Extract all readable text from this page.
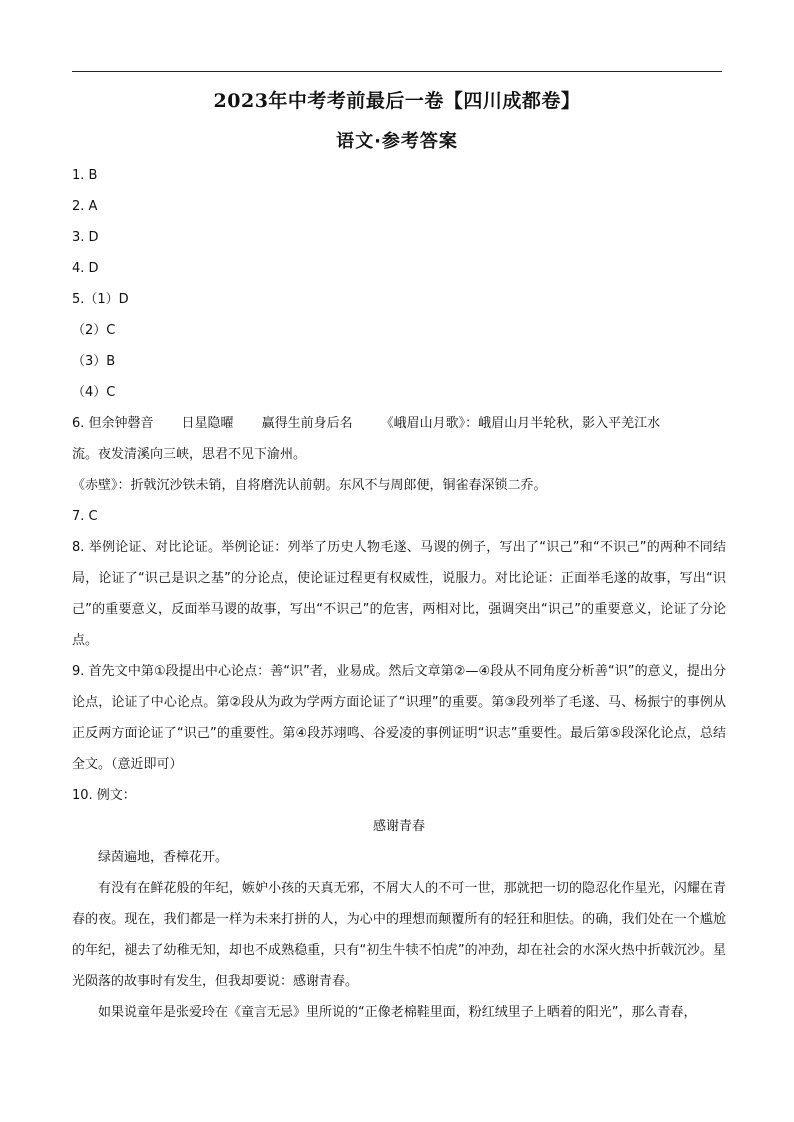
2023年中考考前最后一卷【四川成都卷】
语文·参考答案
1. B
2. A
3. D
4. D
5.（1）D
（2）C
（3）B
（4）C
6. 但余钟磬音 日星隐曜 赢得生前身后名 《峨眉山月歌》：峨眉山月半轮秋，影入平羌江水
流。夜发清溪向三峡，思君不见下渝州。
《赤壁》：折戟沉沙铁未销，自将磨洗认前朝。东风不与周郎便，铜雀春深锁二乔。
7. C
8. 举例论证、对比论证。举例论证：列举了历史人物毛遂、马谡的例子，写出了“识己”和“不识己”的两种不同结局，论证了“识己是识之基”的分论点，使论证过程更有权威性，说服力。对比论证：正面举毛遂的故事，写出“识己”的重要意义，反面举马谡的故事，写出“不识己”的危害，两相对比，强调突出“识己”的重要意义，论证了分论点。
9. 首先文中第①段提出中心论点：善“识”者，业易成。然后文章第②—④段从不同角度分析善“识”的意义，提出分论点，论证了中心论点。第②段从为政为学两方面论证了“识理”的重要。第③段列举了毛遂、马、杨振宁的事例从正反两方面论证了“识己”的重要性。第④段苏翊鸣、谷爱凌的事例证明“识志”重要性。最后第⑤段深化论点，总结全文。（意近即可）
10. 例文：
感谢青春
绿茵遍地，香樟花开。
有没有在鲜花般的年纪，嫉妒小孩的天真无邪，不屑大人的不可一世，那就把一切的隐忍化作星光，闪耀在青春的夜。现在，我们都是一样为未来打拼的人，为心中的理想而颠覆所有的轻狂和胆怯。的确，我们处在一个尴尬的年纪，褪去了幼稚无知，却也不成熟稳重，只有“初生牛犊不怕虎”的冲劲，却在社会的水深火热中折戟沉沙。星光陨落的故事时有发生，但我却要说：感谢青春。
如果说童年是张爱玲在《童言无忌》里所说的“正像老棉鞋里面，粉红绒里子上晒着的阳光”，那么青春，
